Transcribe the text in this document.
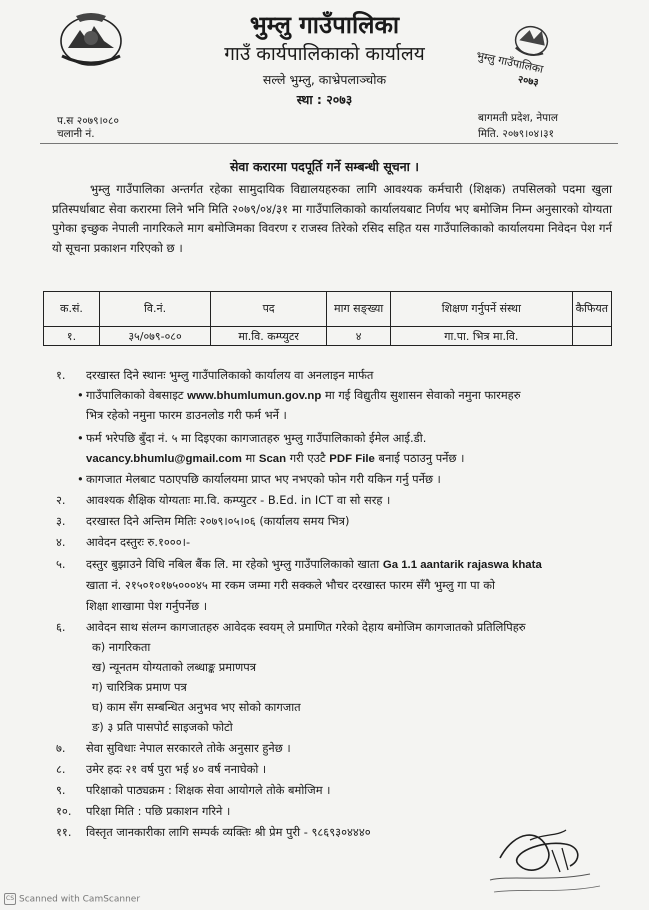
भुम्लु गाउँपालिका
२०७३
भुम्लु गाउँपालिका
गाउँ कार्यपालिकाको कार्यालय
सल्ले भुम्लु, काभ्रेपलाञ्चोक
स्था : २०७३
प.स २०७९।०८०
चलानी नं.
बागमती प्रदेश, नेपाल
मिति. २०७९।०४।३१
सेवा करारमा पदपूर्ति गर्ने सम्बन्धी सूचना ।
भुम्लु गाउँपालिका अन्तर्गत रहेका सामुदायिक विद्यालयहरुका लागि आवश्यक कर्मचारी (शिक्षक) तपसिलको पदमा खुला प्रतिस्पर्धाबाट सेवा करारमा लिने भनि मिति २०७९/०४/३१ मा गाउँपालिकाको कार्यालयबाट निर्णय भए बमोजिम निम्न अनुसारको योग्यता पुगेका इच्छुक नेपाली नागरिकले माग बमोजिमका विवरण र राजस्व तिरेको रसिद सहित यस गाउँपालिकाको कार्यालयमा निवेदन पेश गर्न यो सूचना प्रकाशन गरिएको छ ।
क.सं.	वि.नं.	पद	माग सङ्ख्या	शिक्षण गर्नुपर्ने संस्था	कैफियत
१.	३५/०७९-०८०	मा.वि. कम्प्युटर	४	गा.पा. भित्र मा.वि.	
१. दरखास्त दिने स्थानः भुम्लु गाउँपालिकाको कार्यालय वा अनलाइन मार्फत
• गाउँपालिकाको वेबसाइट www.bhumlumun.gov.np मा गई विद्युतीय सुशासन सेवाको नमुना फारमहरु
भित्र रहेको नमुना फारम डाउनलोड गरी फर्म भर्ने ।
• फर्म भरेपछि बुँदा नं. ५ मा दिइएका कागजातहरु भुम्लु गाउँपालिकाको ईमेल आई.डी.
vacancy.bhumlu@gmail.com मा Scan गरी एउटै PDF File बनाई पठाउनु पर्नेछ ।
• कागजात मेलबाट पठाएपछि कार्यालयमा प्राप्त भए नभएको फोन गरी यकिन गर्नु पर्नेछ ।
२. आवश्यक शैक्षिक योग्यताः मा.वि. कम्प्युटर - B.Ed. in ICT वा सो सरह ।
३. दरखास्त दिने अन्तिम मितिः २०७९।०५।०६ (कार्यालय समय भित्र)
४. आवेदन दस्तुरः रु.१०००।-
५. दस्तुर बुझाउने विधि नबिल बैंक लि. मा रहेको भुम्लु गाउँपालिकाको खाता Ga 1.1 aantarik rajaswa khata
खाता नं. २१५०१०१७५०००४५ मा रकम जम्मा गरी सक्कले भौचर दरखास्त फारम सँगै भुम्लु गा पा को
शिक्षा शाखामा पेश गर्नुपर्नेछ ।
६. आवेदन साथ संलग्न कागजातहरु आवेदक स्वयम् ले प्रमाणित गरेको देहाय बमोजिम कागजातको प्रतिलिपिहरु
क) नागरिकता
ख) न्यूनतम योग्यताको लब्धाङ्क प्रमाणपत्र
ग) चारित्रिक प्रमाण पत्र
घ) काम सँग सम्बन्धित अनुभव भए सोको कागजात
ङ) ३ प्रति पासपोर्ट साइजको फोटो
७. सेवा सुविधाः नेपाल सरकारले तोके अनुसार हुनेछ ।
८. उमेर हदः २१ वर्ष पुरा भई ४० वर्ष ननाघेको ।
९. परिक्षाको पाठ्यक्रम : शिक्षक सेवा आयोगले तोके बमोजिम ।
१०. परिक्षा मिति : पछि प्रकाशन गरिने ।
११. विस्तृत जानकारीका लागि सम्पर्क व्यक्तिः श्री प्रेम पुरी - ९८६९३०४४४०
CS Scanned with CamScanner
